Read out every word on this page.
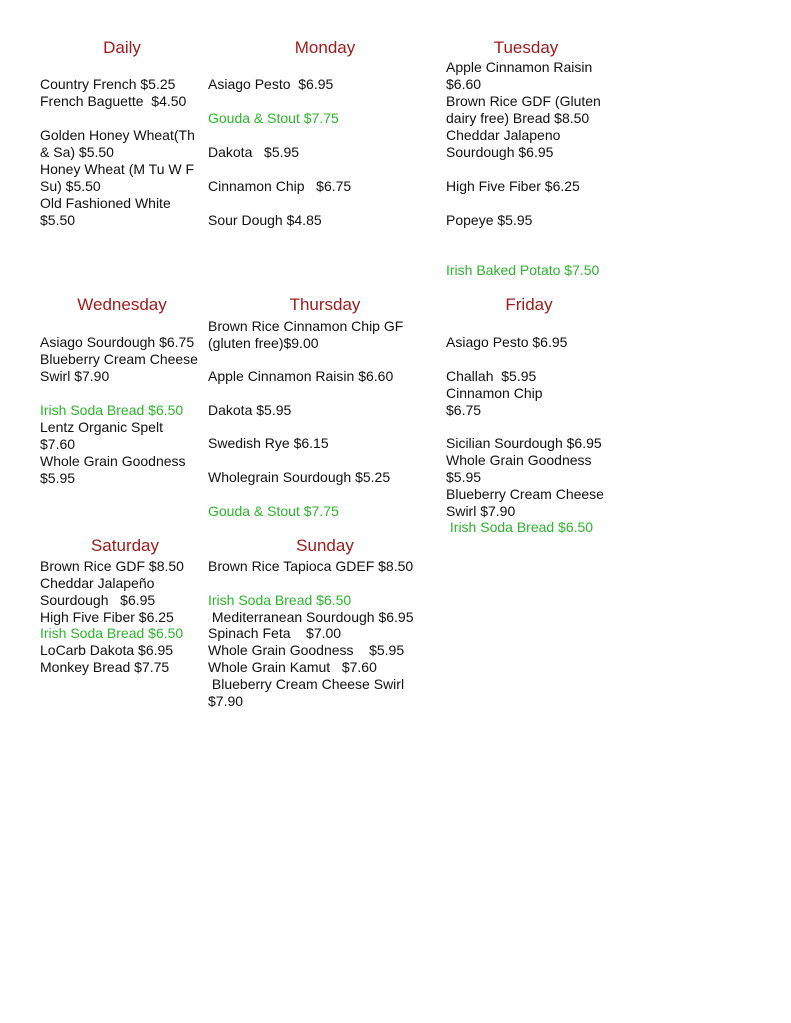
Daily
Country French $5.25
French Baguette  $4.50
Golden Honey Wheat(Th
& Sa) $5.50
Honey Wheat (M Tu W F
Su) $5.50
Old Fashioned White
$5.50
Monday
Asiago Pesto  $6.95
Gouda & Stout $7.75
Dakota   $5.95
Cinnamon Chip   $6.75
Sour Dough $4.85
Tuesday
Apple Cinnamon Raisin
$6.60
Brown Rice GDF (Gluten
dairy free) Bread $8.50
Cheddar Jalapeno
Sourdough $6.95
High Five Fiber $6.25
Popeye $5.95
Irish Baked Potato $7.50
Wednesday
Asiago Sourdough $6.75
Blueberry Cream Cheese
Swirl $7.90
Irish Soda Bread $6.50
Lentz Organic Spelt
$7.60
Whole Grain Goodness
$5.95
Thursday
Brown Rice Cinnamon Chip GF
(gluten free)$9.00
Apple Cinnamon Raisin $6.60
Dakota $5.95
Swedish Rye $6.15
Wholegrain Sourdough $5.25
Gouda & Stout $7.75
Friday
Asiago Pesto $6.95
Challah  $5.95
Cinnamon Chip
$6.75
Sicilian Sourdough $6.95
Whole Grain Goodness
$5.95
Blueberry Cream Cheese
Swirl $7.90
Irish Soda Bread $6.50
Saturday
Brown Rice GDF $8.50
Cheddar Jalapeño
Sourdough   $6.95
High Five Fiber $6.25
Irish Soda Bread $6.50
LoCarb Dakota $6.95
Monkey Bread $7.75
Sunday
Brown Rice Tapioca GDEF $8.50
Irish Soda Bread $6.50
Mediterranean Sourdough $6.95
Spinach Feta    $7.00
Whole Grain Goodness    $5.95
Whole Grain Kamut   $7.60
Blueberry Cream Cheese Swirl
$7.90
